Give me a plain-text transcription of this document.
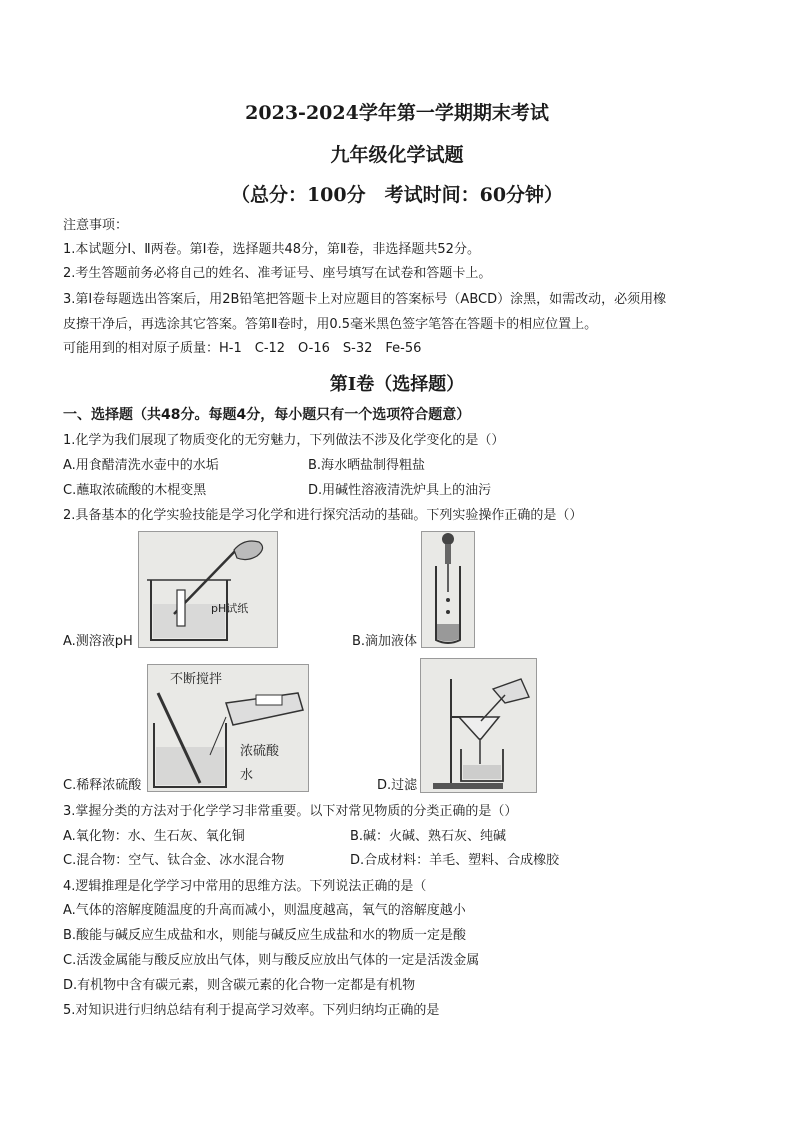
2023-2024学年第一学期期末考试
九年级化学试题
（总分：100分　考试时间：60分钟）
注意事项：
1.本试题分Ⅰ、Ⅱ两卷。第Ⅰ卷，选择题共48分，第Ⅱ卷，非选择题共52分。
2.考生答题前务必将自己的姓名、准考证号、座号填写在试卷和答题卡上。
3.第Ⅰ卷每题选出答案后，用2B铅笔把答题卡上对应题目的答案标号（ABCD）涂黑，如需改动，必须用橡
皮擦干净后，再选涂其它答案。答第Ⅱ卷时，用0.5毫米黑色签字笔答在答题卡的相应位置上。
可能用到的相对原子质量：H-1　C-12　O-16　S-32　Fe-56
第Ⅰ卷（选择题）
一、选择题（共48分。每题4分，每小题只有一个选项符合题意）
1.化学为我们展现了物质变化的无穷魅力，下列做法不涉及化学变化的是（）
A.用食醋清洗水壶中的水垢	B.海水晒盐制得粗盐
C.蘸取浓硫酸的木棍变黑	D.用碱性溶液清洗炉具上的油污
2.具备基本的化学实验技能是学习化学和进行探究活动的基础。下列实验操作正确的是（）
pH试纸
A.测溶液pH	B.滴加液体
不断搅拌
浓硫酸
水
C.稀释浓硫酸	D.过滤
3.掌握分类的方法对于化学学习非常重要。以下对常见物质的分类正确的是（）
A.氧化物：水、生石灰、氧化铜	B.碱：火碱、熟石灰、纯碱
C.混合物：空气、钛合金、冰水混合物	D.合成材料：羊毛、塑料、合成橡胶
4.逻辑推理是化学学习中常用的思维方法。下列说法正确的是（
A.气体的溶解度随温度的升高而减小，则温度越高，氧气的溶解度越小
B.酸能与碱反应生成盐和水，则能与碱反应生成盐和水的物质一定是酸
C.活泼金属能与酸反应放出气体，则与酸反应放出气体的一定是活泼金属
D.有机物中含有碳元素，则含碳元素的化合物一定都是有机物
5.对知识进行归纳总结有利于提高学习效率。下列归纳均正确的是
